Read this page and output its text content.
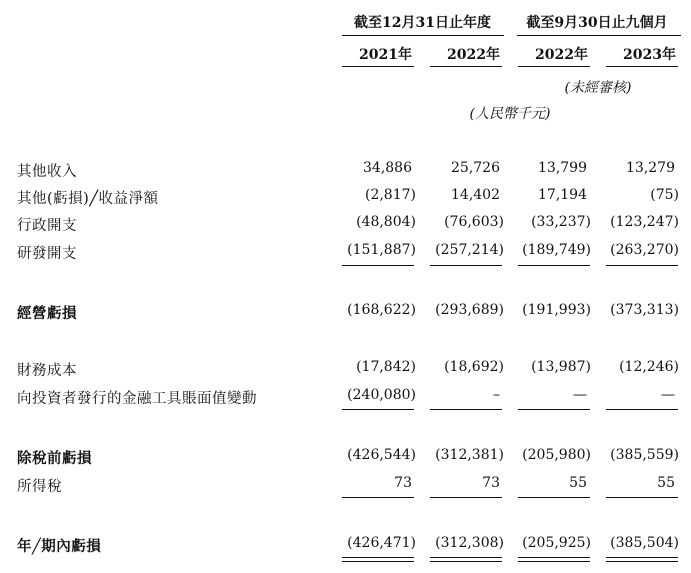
截至12月31日止年度	截至9月30日止九個月
2021年	2022年	2022年	2023年
(未經審核)
(人民幣千元)
其他收入	34,886	25,726	13,799	13,279
其他(虧損)╱收益淨額	(2,817)	14,402	17,194	(75)
行政開支	(48,804)	(76,603)	(33,237)	(123,247)
研發開支	(151,887)	(257,214)	(189,749)	(263,270)
經營虧損	(168,622)	(293,689)	(191,993)	(373,313)
財務成本	(17,842)	(18,692)	(13,987)	(12,246)
向投資者發行的金融工具賬面值變動	(240,080)	–	—	—
除稅前虧損	(426,544)	(312,381)	(205,980)	(385,559)
所得稅	73	73	55	55
年╱期內虧損	(426,471)	(312,308)	(205,925)	(385,504)
